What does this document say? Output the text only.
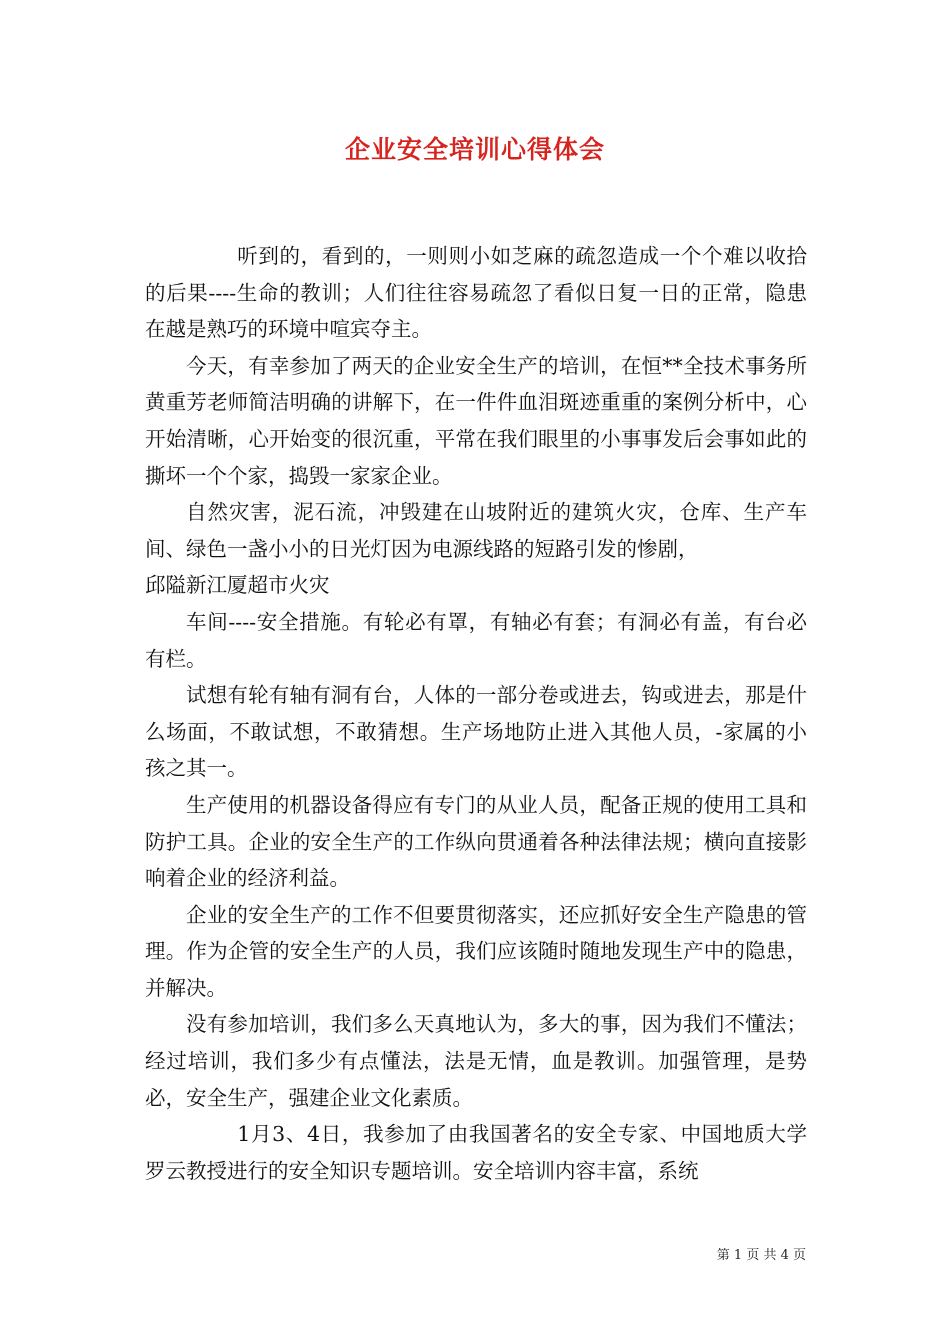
企业安全培训心得体会

听到的，看到的，一则则小如芝麻的疏忽造成一个个难以收拾的后果----生命的教训；人们往往容易疏忽了看似日复一日的正常，隐患在越是熟巧的环境中喧宾夺主。

今天，有幸参加了两天的企业安全生产的培训，在恒**全技术事务所黄重芳老师简洁明确的讲解下，在一件件血泪斑迹重重的案例分析中，心开始清晰，心开始变的很沉重，平常在我们眼里的小事事发后会事如此的撕坏一个个家，捣毁一家家企业。

自然灾害，泥石流，冲毁建在山坡附近的建筑火灾，仓库、生产车间、绿色一盏小小的日光灯因为电源线路的短路引发的惨剧，

邱隘新江厦超市火灾

车间----安全措施。有轮必有罩，有轴必有套；有洞必有盖，有台必有栏。

试想有轮有轴有洞有台，人体的一部分卷或进去，钩或进去，那是什么场面，不敢试想，不敢猜想。生产场地防止进入其他人员，-家属的小孩之其一。

生产使用的机器设备得应有专门的从业人员，配备正规的使用工具和防护工具。企业的安全生产的工作纵向贯通着各种法律法规；横向直接影响着企业的经济利益。

企业的安全生产的工作不但要贯彻落实，还应抓好安全生产隐患的管理。作为企管的安全生产的人员，我们应该随时随地发现生产中的隐患，并解决。

没有参加培训，我们多么天真地认为，多大的事，因为我们不懂法；经过培训，我们多少有点懂法，法是无情，血是教训。加强管理，是势必，安全生产，强建企业文化素质。

1月3、4日，我参加了由我国著名的安全专家、中国地质大学罗云教授进行的安全知识专题培训。安全培训内容丰富，系统

第 1 页 共 4 页
